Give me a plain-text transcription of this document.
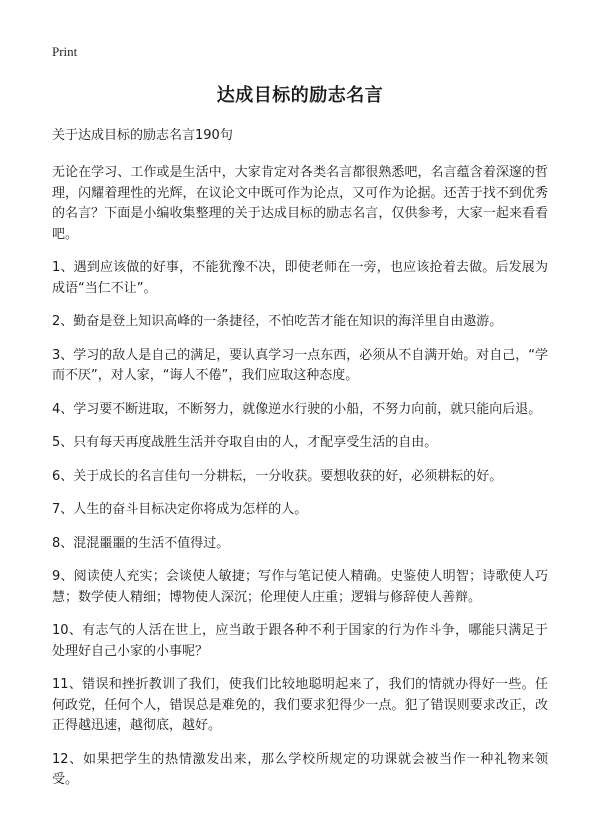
Print
达成目标的励志名言
关于达成目标的励志名言190句
无论在学习、工作或是生活中，大家肯定对各类名言都很熟悉吧，名言蕴含着深邃的哲理，闪耀着理性的光辉，在议论文中既可作为论点，又可作为论据。还苦于找不到优秀的名言？下面是小编收集整理的关于达成目标的励志名言，仅供参考，大家一起来看看吧。
1、遇到应该做的好事，不能犹豫不决，即使老师在一旁，也应该抢着去做。后发展为成语“当仁不让”。
2、勤奋是登上知识高峰的一条捷径，不怕吃苦才能在知识的海洋里自由遨游。
3、学习的敌人是自己的满足，要认真学习一点东西，必须从不自满开始。对自己，“学而不厌”，对人家，“诲人不倦”，我们应取这种态度。
4、学习要不断进取，不断努力，就像逆水行驶的小船，不努力向前，就只能向后退。
5、只有每天再度战胜生活并夺取自由的人，才配享受生活的自由。
6、关于成长的名言佳句一分耕耘，一分收获。要想收获的好，必须耕耘的好。
7、人生的奋斗目标决定你将成为怎样的人。
8、混混噩噩的生活不值得过。
9、阅读使人充实；会谈使人敏捷；写作与笔记使人精确。史鉴使人明智；诗歌使人巧慧；数学使人精细；博物使人深沉；伦理使人庄重；逻辑与修辞使人善辩。
10、有志气的人活在世上，应当敢于跟各种不利于国家的行为作斗争，哪能只满足于处理好自己小家的小事呢？
11、错误和挫折教训了我们，使我们比较地聪明起来了，我们的情就办得好一些。任何政党，任何个人，错误总是难免的，我们要求犯得少一点。犯了错误则要求改正，改正得越迅速，越彻底，越好。
12、如果把学生的热情激发出来，那么学校所规定的功课就会被当作一种礼物来领受。
